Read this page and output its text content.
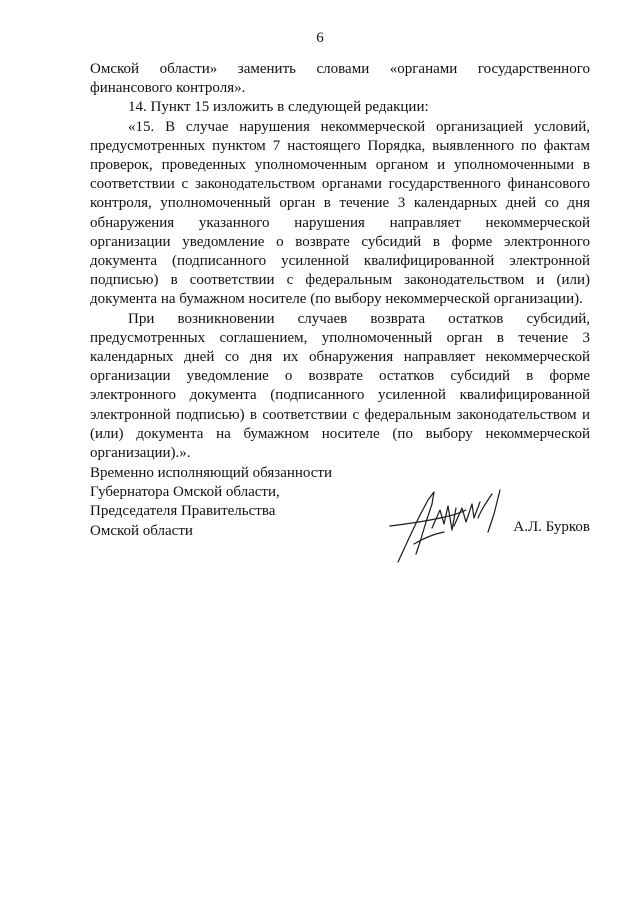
6

Омской области» заменить словами «органами государственного финансового контроля».

14. Пункт 15 изложить в следующей редакции:

«15. В случае нарушения некоммерческой организацией условий, предусмотренных пунктом 7 настоящего Порядка, выявленного по фактам проверок, проведенных уполномоченным органом и уполномоченными в соответствии с законодательством органами государственного финансового контроля, уполномоченный орган в течение 3 календарных дней со дня обнаружения указанного нарушения направляет некоммерческой организации уведомление о возврате субсидий в форме электронного документа (подписанного усиленной квалифицированной электронной подписью) в соответствии с федеральным законодательством и (или) документа на бумажном носителе (по выбору некоммерческой организации).

При возникновении случаев возврата остатков субсидий, предусмотренных соглашением, уполномоченный орган в течение 3 календарных дней со дня их обнаружения направляет некоммерческой организации уведомление о возврате остатков субсидий в форме электронного документа (подписанного усиленной квалифицированной электронной подписью) в соответствии с федеральным законодательством и (или) документа на бумажном носителе (по выбору некоммерческой организации).».

Временно исполняющий обязанности
Губернатора Омской области,
Председателя Правительства
Омской области	А.Л. Бурков
